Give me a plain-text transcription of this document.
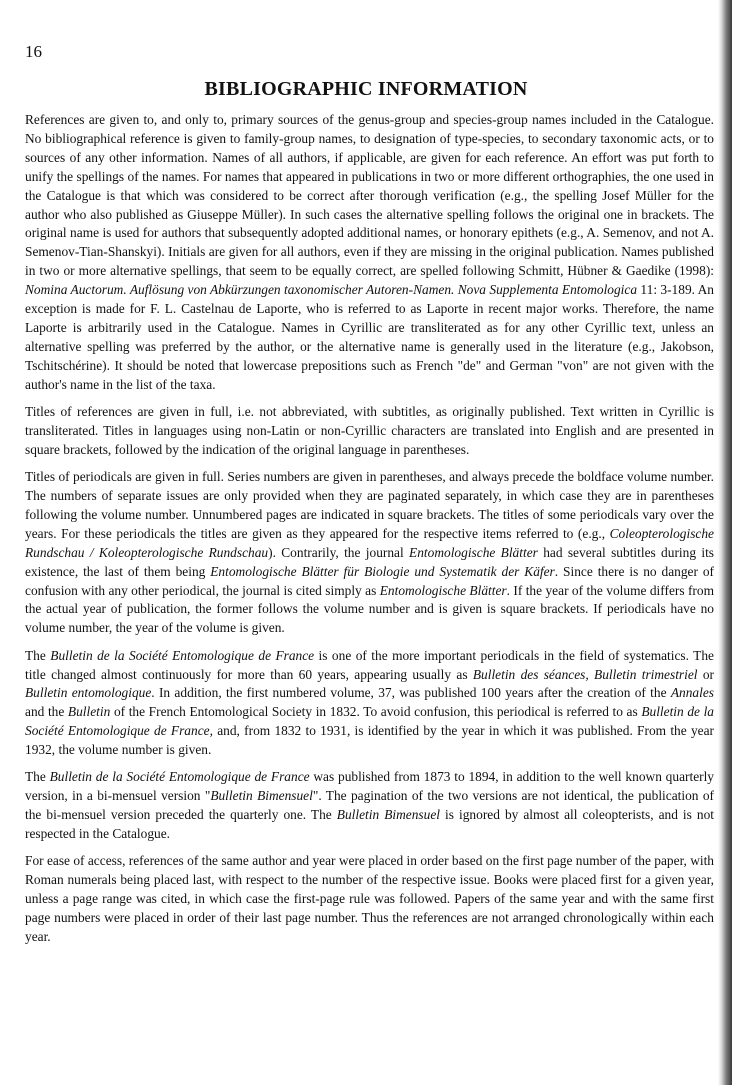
16
BIBLIOGRAPHIC INFORMATION

References are given to, and only to, primary sources of the genus-group and species-group names included in the Catalogue. No bibliographical reference is given to family-group names, to designation of type-species, to secondary taxonomic acts, or to sources of any other information. Names of all authors, if applicable, are given for each reference. An effort was put forth to unify the spellings of the names. For names that appeared in publications in two or more different orthographies, the one used in the Catalogue is that which was considered to be correct after thorough verification (e.g., the spelling Josef Müller for the author who also published as Giuseppe Müller). In such cases the alternative spelling follows the original one in brackets. The original name is used for authors that subsequently adopted additional names, or honorary epithets (e.g., A. Semenov, and not A. Semenov-Tian-Shanskyi). Initials are given for all authors, even if they are missing in the original publication. Names published in two or more alternative spellings, that seem to be equally correct, are spelled following Schmitt, Hübner & Gaedike (1998): Nomina Auctorum. Auflösung von Abkürzungen taxonomischer Autoren-Namen. Nova Supplementa Entomologica 11: 3-189. An exception is made for F. L. Castelnau de Laporte, who is referred to as Laporte in recent major works. Therefore, the name Laporte is arbitrarily used in the Catalogue. Names in Cyrillic are transliterated as for any other Cyrillic text, unless an alternative spelling was preferred by the author, or the alternative name is generally used in the literature (e.g., Jakobson, Tschitschérine). It should be noted that lowercase prepositions such as French "de" and German "von" are not given with the author's name in the list of the taxa.

Titles of references are given in full, i.e. not abbreviated, with subtitles, as originally published. Text written in Cyrillic is transliterated. Titles in languages using non-Latin or non-Cyrillic characters are translated into English and are presented in square brackets, followed by the indication of the original language in parentheses.

Titles of periodicals are given in full. Series numbers are given in parentheses, and always precede the boldface volume number. The numbers of separate issues are only provided when they are paginated separately, in which case they are in parentheses following the volume number. Unnumbered pages are indicated in square brackets. The titles of some periodicals vary over the years. For these periodicals the titles are given as they appeared for the respective items referred to (e.g., Coleopterologische Rundschau / Koleopterologische Rundschau). Contrarily, the journal Entomologische Blätter had several subtitles during its existence, the last of them being Entomologische Blätter für Biologie und Systematik der Käfer. Since there is no danger of confusion with any other periodical, the journal is cited simply as Entomologische Blätter. If the year of the volume differs from the actual year of publication, the former follows the volume number and is given is square brackets. If periodicals have no volume number, the year of the volume is given.

The Bulletin de la Société Entomologique de France is one of the more important periodicals in the field of systematics. The title changed almost continuously for more than 60 years, appearing usually as Bulletin des séances, Bulletin trimestriel or Bulletin entomologique. In addition, the first numbered volume, 37, was published 100 years after the creation of the Annales and the Bulletin of the French Entomological Society in 1832. To avoid confusion, this periodical is referred to as Bulletin de la Société Entomologique de France, and, from 1832 to 1931, is identified by the year in which it was published. From the year 1932, the volume number is given.

The Bulletin de la Société Entomologique de France was published from 1873 to 1894, in addition to the well known quarterly version, in a bi-mensuel version "Bulletin Bimensuel". The pagination of the two versions are not identical, the publication of the bi-mensuel version preceded the quarterly one. The Bulletin Bimensuel is ignored by almost all coleopterists, and is not respected in the Catalogue.

For ease of access, references of the same author and year were placed in order based on the first page number of the paper, with Roman numerals being placed last, with respect to the number of the respective issue. Books were placed first for a given year, unless a page range was cited, in which case the first-page rule was followed. Papers of the same year and with the same first page numbers were placed in order of their last page number. Thus the references are not arranged chronologically within each year.
